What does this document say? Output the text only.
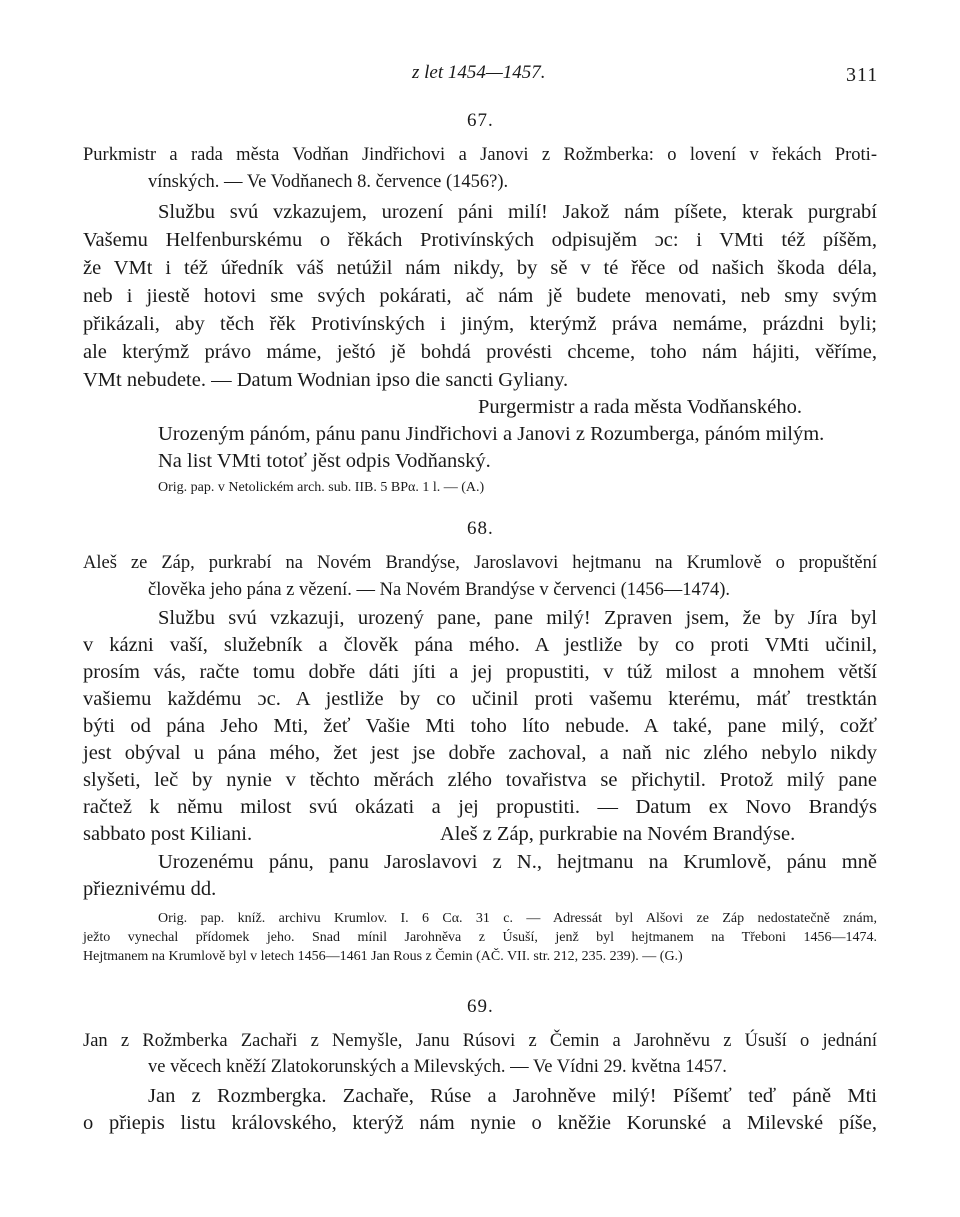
z let 1454—1457.	311
67.
Purkmistr a rada města Vodňan Jindřichovi a Janovi z Rožmberka: o lovení v řekách Proti-
vínských. — Ve Vodňanech 8. července (1456?).
Službu svú vzkazujem, urození páni milí! Jakož nám píšete, kterak purgrabí
Vašemu Helfenburskému o řěkách Protivínských odpisujěm ɔc: i VMti též píšěm,
že VMt i též úředník váš netúžil nám nikdy, by sě v té řěce od našich škoda déla,
neb i jiestě hotovi sme svých pokárati, ač nám jě budete menovati, neb smy svým
přikázali, aby těch řěk Protivínských i jiným, kterýmž práva nemáme, prázdni byli;
ale kterýmž právo máme, ještó jě bohdá provésti chceme, toho nám hájiti, věříme,
VMt nebudete. — Datum Wodnian ipso die sancti Gyliany.
Purgermistr a rada města Vodňanského.
Urozeným pánóm, pánu panu Jindřichovi a Janovi z Rozumberga, pánóm milým.
Na list VMti totoť jěst odpis Vodňanský.
Orig. pap. v Netolickém arch. sub. IIB. 5 BPα. 1 l. — (A.)
68.
Aleš ze Záp, purkrabí na Novém Brandýse, Jaroslavovi hejtmanu na Krumlově o propuštění
člověka jeho pána z vězení. — Na Novém Brandýse v červenci (1456—1474).
Službu svú vzkazuji, urozený pane, pane milý! Zpraven jsem, že by Jíra byl
v kázni vaší, služebník a člověk pána mého. A jestliže by co proti VMti učinil,
prosím vás, račte tomu dobře dáti jíti a jej propustiti, v túž milost a mnohem větší
vašiemu každému ɔc. A jestliže by co učinil proti vašemu kterému, máť trestktán
býti od pána Jeho Mti, žeť Vašie Mti toho líto nebude. A také, pane milý, cožť
jest obýval u pána mého, žet jest jse dobře zachoval, a naň nic zlého nebylo nikdy
slyšeti, leč by nynie v těchto měrách zlého tovařistva se přichytil. Protož milý pane
račtež k němu milost svú okázati a jej propustiti. — Datum ex Novo Brandýs
sabbato post Kiliani.	Aleš z Záp, purkrabie na Novém Brandýse.
Urozenému pánu, panu Jaroslavovi z N., hejtmanu na Krumlově, pánu mně
přieznivému dd.
Orig. pap. kníž. archivu Krumlov. I. 6 Cα. 31 c. — Adressát byl Alšovi ze Záp nedostatečně znám,
ježto vynechal přídomek jeho. Snad mínil Jarohněva z Úsuší, jenž byl hejtmanem na Třeboni 1456—1474.
Hejtmanem na Krumlově byl v letech 1456—1461 Jan Rous z Čemin (AČ. VII. str. 212, 235. 239). — (G.)
69.
Jan z Rožmberka Zachaři z Nemyšle, Janu Rúsovi z Čemin a Jarohněvu z Úsuší o jednání
ve věcech kněží Zlatokorunských a Milevských. — Ve Vídni 29. května 1457.
Jan z Rozmbergka. Zachaře, Rúse a Jarohněve milý! Píšemť teď páně Mti
o přiepis listu královského, kterýž nám nynie o kněžie Korunské a Milevské píše,
